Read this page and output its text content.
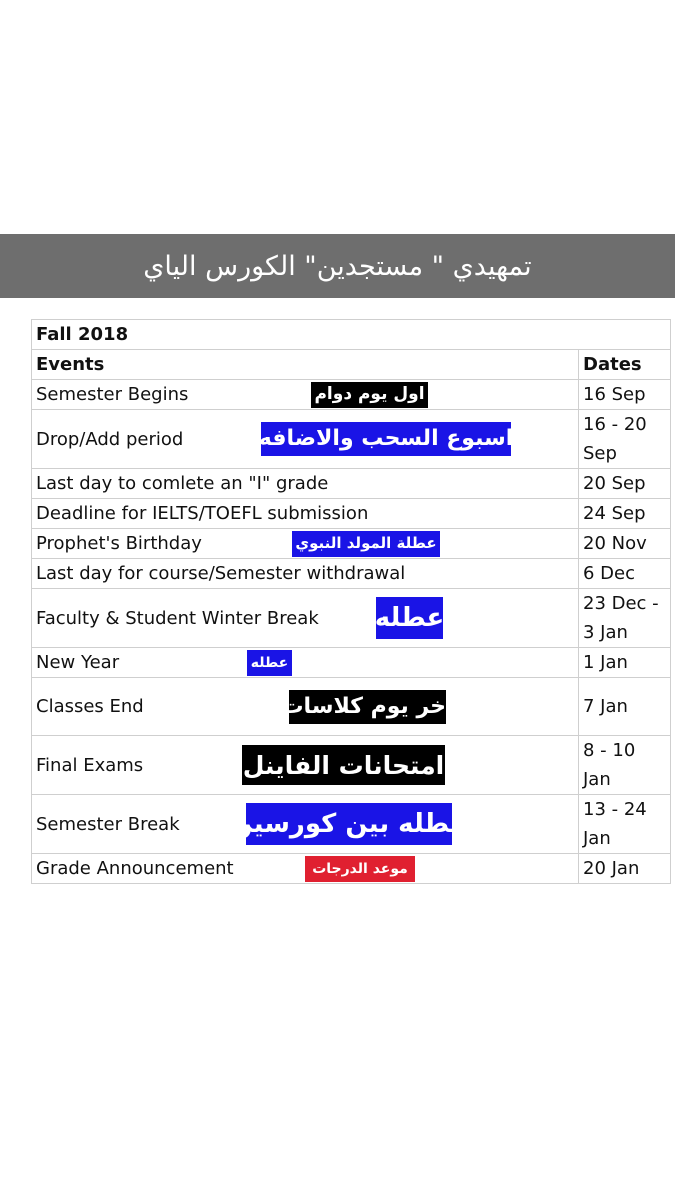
تمهيدي " مستجدين" الكورس الياي
Fall 2018	
Events	Dates
Semester Begins اول يوم دوام	16 Sep
Drop/Add period اسبوع السحب والاضافه	16 - 20 Sep
Last day to comlete an "I" grade	20 Sep
Deadline for IELTS/TOEFL submission	24 Sep
Prophet's Birthday عطلة المولد النبوي	20 Nov
Last day for course/Semester withdrawal	6 Dec
Faculty & Student Winter Break عطله	23 Dec - 3 Jan
New Year عطله	1 Jan
Classes End اخر يوم كلاسات	7 Jan
Final Exams امتحانات الفاينل	8 - 10 Jan
Semester Break عطله بين كورسين	13 - 24 Jan
Grade Announcement موعد الدرجات	20 Jan
